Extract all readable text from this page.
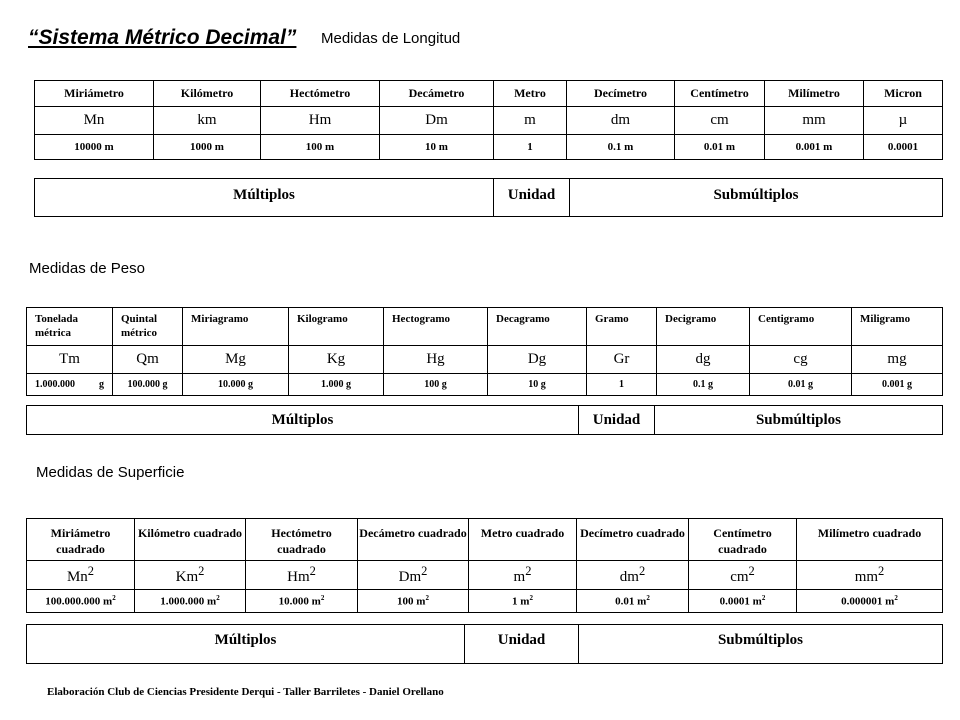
“Sistema Métrico Decimal” Medidas de Longitud
Miriámetro	Kilómetro	Hectómetro	Decámetro	Metro	Decímetro	Centímetro	Milímetro	Micron
Mn	km	Hm	Dm	m	dm	cm	mm	µ
10000 m	1000 m	100 m	10 m	1	0.1 m	0.01 m	0.001 m	0.0001
Múltiplos	Unidad	Submúltiplos
Medidas de Peso
Tonelada métrica	Quintal métrico	Miriagramo	Kilogramo	Hectogramo	Decagramo	Gramo	Decigramo	Centigramo	Miligramo
Tm	Qm	Mg	Kg	Hg	Dg	Gr	dg	cg	mg
1.000.000 g	100.000 g	10.000 g	1.000 g	100 g	10 g	1	0.1 g	0.01 g	0.001 g
Múltiplos	Unidad	Submúltiplos
Medidas de Superficie
Miriámetro cuadrado	Kilómetro cuadrado	Hectómetro cuadrado	Decámetro cuadrado	Metro cuadrado	Decímetro cuadrado	Centímetro cuadrado	Milímetro cuadrado
Mn$^2$	Km$^2$	Hm$^2$	Dm$^2$	$m^2$	$dm^2$	$cm^2$	$mm^2$
100.000.000 $m^2$	1.000.000 $m^2$	10.000 $m^2$	100 $m^2$	1 $m^2$	0.01 $m^2$	0.0001 $m^2$	0.000001 $m^2$
Múltiplos	Unidad	Submúltiplos
Elaboración Club de Ciencias Presidente Derqui - Taller Barriletes - Daniel Orellano
